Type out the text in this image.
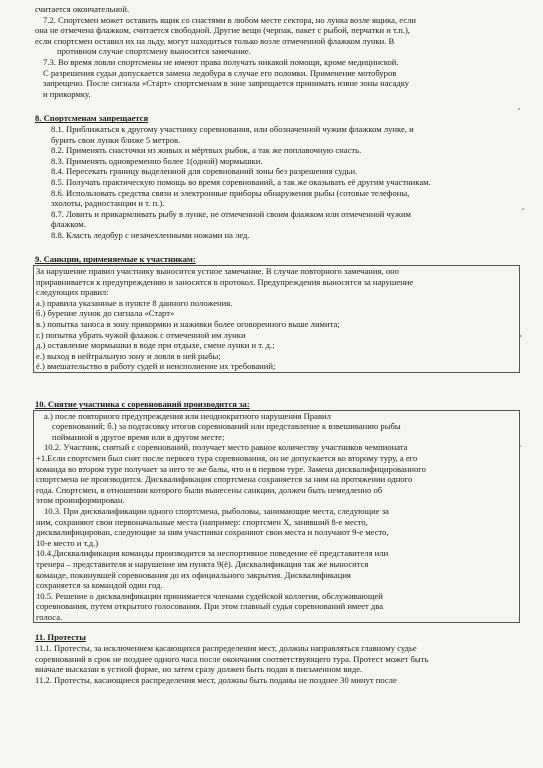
считается окончательной.

7.2. Спортсмен может оставить ящик со снастями в любом месте сектора, но лунка возле ящика, если

она не отмечена флажком, считается свободной. Другие вещи (черпак, пакет с рыбой, перчатки и т.п.),

если спортсмен оставил их на льду, могут находиться только возле отмеченной флажком лунки. В

противном случае спортсмену выносится замечание.

7.3. Во время ловли спортсмены не имеют права получать никакой помощи, кроме медицинской.

С разрешения судьи допускается замена ледобура в случае его поломки. Применение мотобуров

запрещено. После сигнала «Старт» спортсменам в зоне запрещается принимать извне зоны насадку

и прикормку.

8. Спортсменам запрещается

8.1. Приближаться к другому участнику соревнования, или обозначенной чужим флажком лунке, и

бурить свои лунки ближе 5 метров.

8.2. Применять снасточки из живых и мёртвых рыбок, а так же поплавочную снасть.

8.3. Применять одновременно более 1(одной) мормышки.

8.4. Пересекать границу выделенной для соревнований зоны без разрешения судьи.

8.5. Получать практическую помощь во время соревнований, а так же оказывать её другим участникам.

8.6. Использовать средства связи и электронные приборы обнаружения рыбы (сотовые телефоны,

эхолоты, радиостанции и т. п.).

8.7. Ловить и прикармливать рыбу в лунке, не отмеченной своим флажком или отмеченной чужим

флажком.

8.8. Класть ледобур с незачехленными ножами на лед.

9. Санкции, применяемые к участникам:

За нарушение правил участнику выносится устное замечание. В случае повторного замечания, оно

приравнивается к предупреждению и заносится в протокол. Предупреждения выносится за нарушение

следующих правил:

а.) правила указанные в пункте 8 данного положения.

б.) бурение лунок до сигнала «Старт»

в.) попытка заноса в зону прикормки и наживки более оговоренного выше лимита;

г.) попытка убрать чужой флажок с отмеченной им лунки

д.) оставление мормышки в воде при отдыхе, смене лунки и т. д.;

е.) выход в нейтральную зону и ловля в ней рыбы;

ё.) вмешательство в работу судей и неисполнение их требований;

10. Снятие участника с соревнований производится за:

а.) после повторного предупреждения или неоднократного нарушения Правил

соревнований; б.) за подтасовку итогов соревнований или представление к взвешиванию рыбы

пойманной в другое время или в другом месте;

10.2. Участник, снятый с соревнований, получает место равное количеству участников чемпионата

+1.Если спортсмен был снят после первого тура соревнования, он не допускается ко второму туру, а его

команда во втором туре получает за него те же балы, что и в первом туре. Замена дисквалифицированного

спортсмена не производится. Дисквалификация спортсмена сохраняется за ним на протяжении одного

года. Спортсмен, в отношении которого были вынесены санкции, должен быть немедленно об

этом проинформирован.

10.3. При дисквалификации одного спортсмена, рыболовы, занимающие места, следующие за

ним, сохраняют свои первоначальные места (например: спортсмен Х, занявший 8-е место,

дисквалифицирован, следующие за ним участники сохраняют свои места и получают 9-е место,

10-е место и т.д.)

10.4.Дисквалификация команды производится за неспортивное поведение её представителя или

тренера – представителя и нарушение им пункта 9(ё). Дисквалификация так же выносится

команде, покинувшей соревнования до их официального закрытия. Дисквалификация

сохраняется за командой один год.

10.5. Решение о дисквалификации принимается членами судейской коллегии, обслуживающей

соревнования, путем открытого голосования. При этом главный судья соревнований имеет два

голоса.

11. Протесты

11.1. Протесты, за исключением касающихся распределения мест, должны направляться главному судье

соревнований в срок не позднее одного часа после окончания соответствующего тура. Протест может быть

вначале высказан в устной форме, но затем сразу должен быть подан в письменном виде.

11.2. Протесты, касающиеся распределения мест, должны быть поданы не позднее 30 минут после
